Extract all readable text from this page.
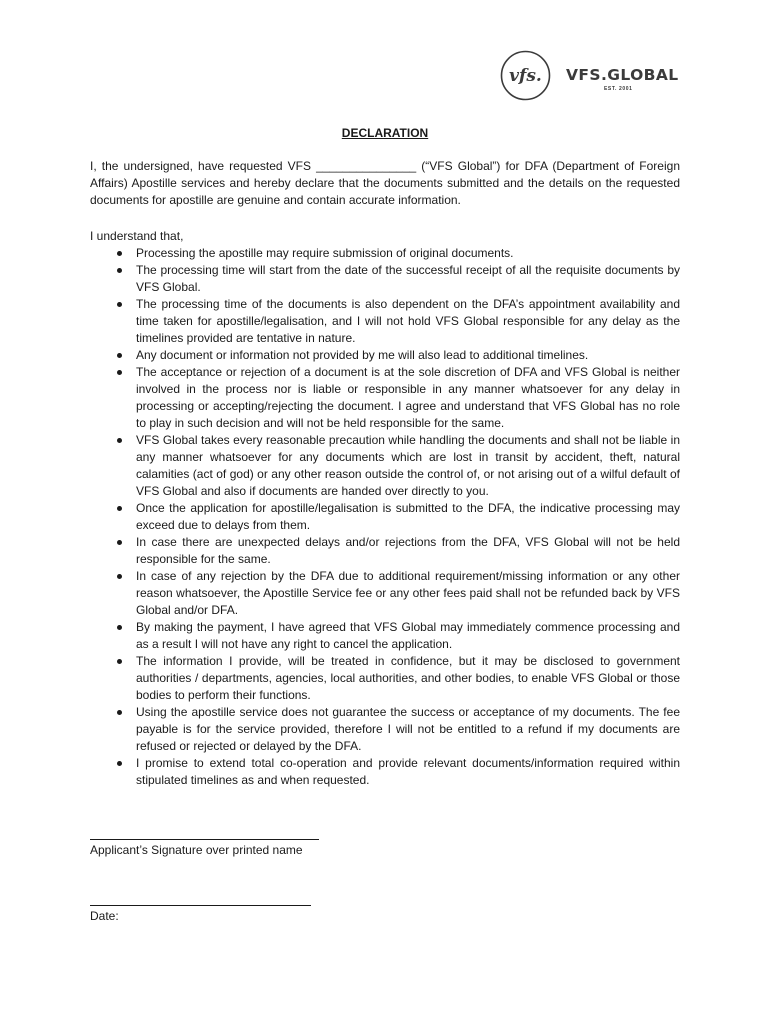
vfs. VFS.GLOBAL
EST. 2001
DECLARATION

I, the undersigned, have requested VFS _______________ (“VFS Global”) for DFA (Department of Foreign Affairs) Apostille services and hereby declare that the documents submitted and the details on the requested documents for apostille are genuine and contain accurate information.

I understand that,

Processing the apostille may require submission of original documents.
The processing time will start from the date of the successful receipt of all the requisite documents by VFS Global.
The processing time of the documents is also dependent on the DFA’s appointment availability and time taken for apostille/legalisation, and I will not hold VFS Global responsible for any delay as the timelines provided are tentative in nature.
Any document or information not provided by me will also lead to additional timelines.
The acceptance or rejection of a document is at the sole discretion of DFA and VFS Global is neither involved in the process nor is liable or responsible in any manner whatsoever for any delay in processing or accepting/rejecting the document. I agree and understand that VFS Global has no role to play in such decision and will not be held responsible for the same.
VFS Global takes every reasonable precaution while handling the documents and shall not be liable in any manner whatsoever for any documents which are lost in transit by accident, theft, natural calamities (act of god) or any other reason outside the control of, or not arising out of a wilful default of VFS Global and also if documents are handed over directly to you.
Once the application for apostille/legalisation is submitted to the DFA, the indicative processing may exceed due to delays from them.
In case there are unexpected delays and/or rejections from the DFA, VFS Global will not be held responsible for the same.
In case of any rejection by the DFA due to additional requirement/missing information or any other reason whatsoever, the Apostille Service fee or any other fees paid shall not be refunded back by VFS Global and/or DFA.
By making the payment, I have agreed that VFS Global may immediately commence processing and as a result I will not have any right to cancel the application.
The information I provide, will be treated in confidence, but it may be disclosed to government authorities / departments, agencies, local authorities, and other bodies, to enable VFS Global or those bodies to perform their functions.
Using the apostille service does not guarantee the success or acceptance of my documents. The fee payable is for the service provided, therefore I will not be entitled to a refund if my documents are refused or rejected or delayed by the DFA.
I promise to extend total co-operation and provide relevant documents/information required within stipulated timelines as and when requested.

Applicant’s Signature over printed name

Date:
